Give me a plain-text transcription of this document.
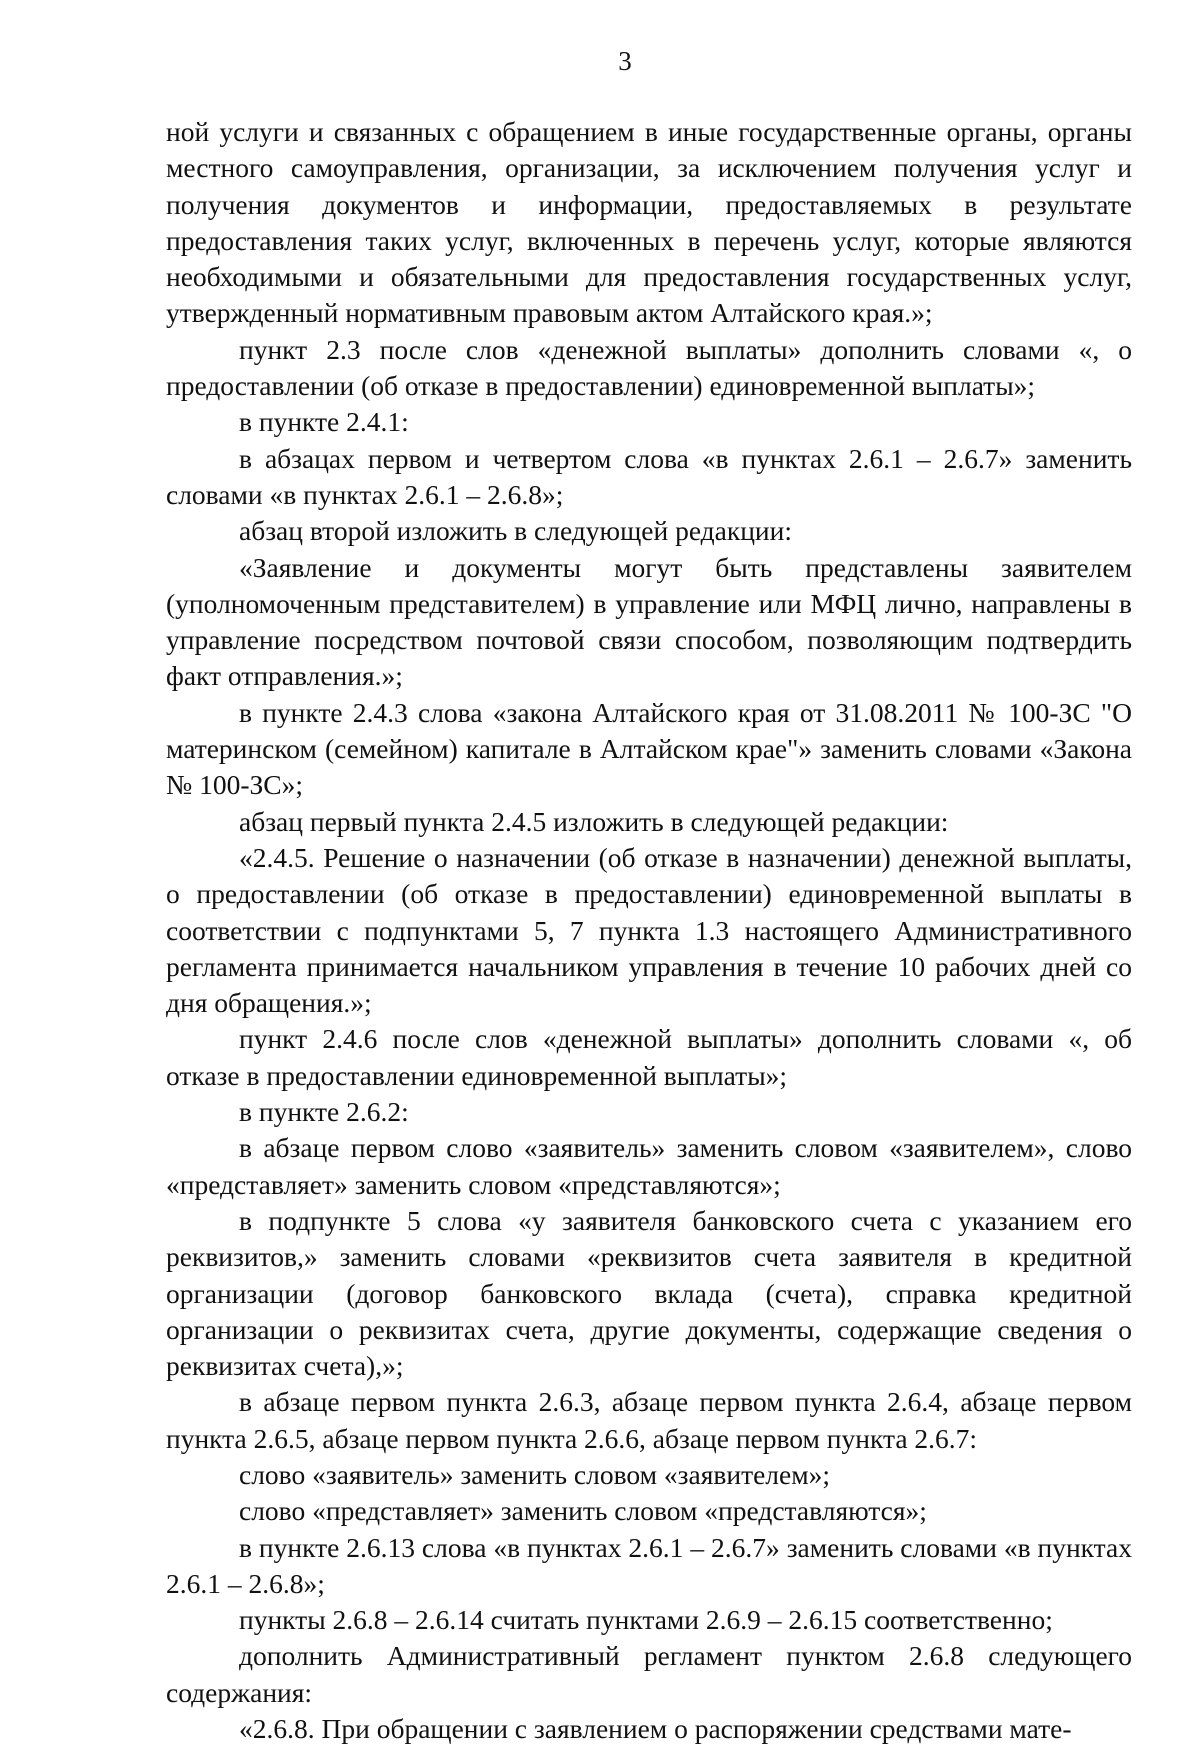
3

ной услуги и связанных с обращением в иные государственные органы, органы местного самоуправления, организации, за исключением получения услуг и получения документов и информации, предоставляемых в результате предоставления таких услуг, включенных в перечень услуг, которые являются необходимыми и обязательными для предоставления государственных услуг, утвержденный нормативным правовым актом Алтайского края.»;

пункт 2.3 после слов «денежной выплаты» дополнить словами «, о предоставлении (об отказе в предоставлении) единовременной выплаты»;

в пункте 2.4.1:

в абзацах первом и четвертом слова «в пунктах 2.6.1 – 2.6.7» заменить словами «в пунктах 2.6.1 – 2.6.8»;

абзац второй изложить в следующей редакции:

«Заявление и документы могут быть представлены заявителем (уполномоченным представителем) в управление или МФЦ лично, направлены в управление посредством почтовой связи способом, позволяющим подтвердить факт отправления.»;

в пункте 2.4.3 слова «закона Алтайского края от 31.08.2011 № 100-ЗС "О материнском (семейном) капитале в Алтайском крае"» заменить словами «Закона № 100-ЗС»;

абзац первый пункта 2.4.5 изложить в следующей редакции:

«2.4.5. Решение о назначении (об отказе в назначении) денежной выплаты, о предоставлении (об отказе в предоставлении) единовременной выплаты в соответствии с подпунктами 5, 7 пункта 1.3 настоящего Административного регламента принимается начальником управления в течение 10 рабочих дней со дня обращения.»;

пункт 2.4.6 после слов «денежной выплаты» дополнить словами «, об отказе в предоставлении единовременной выплаты»;

в пункте 2.6.2:

в абзаце первом слово «заявитель» заменить словом «заявителем», слово «представляет» заменить словом «представляются»;

в подпункте 5 слова «у заявителя банковского счета с указанием его реквизитов,» заменить словами «реквизитов счета заявителя в кредитной организации (договор банковского вклада (счета), справка кредитной организации о реквизитах счета, другие документы, содержащие сведения о реквизитах счета),»;

в абзаце первом пункта 2.6.3, абзаце первом пункта 2.6.4, абзаце первом пункта 2.6.5, абзаце первом пункта 2.6.6, абзаце первом пункта 2.6.7:

слово «заявитель» заменить словом «заявителем»;

слово «представляет» заменить словом «представляются»;

в пункте 2.6.13 слова «в пунктах 2.6.1 – 2.6.7» заменить словами «в пунктах 2.6.1 – 2.6.8»;

пункты 2.6.8 – 2.6.14 считать пунктами 2.6.9 – 2.6.15 соответственно;

дополнить Административный регламент пунктом 2.6.8 следующего содержания:

«2.6.8. При обращении с заявлением о распоряжении средствами мате-
